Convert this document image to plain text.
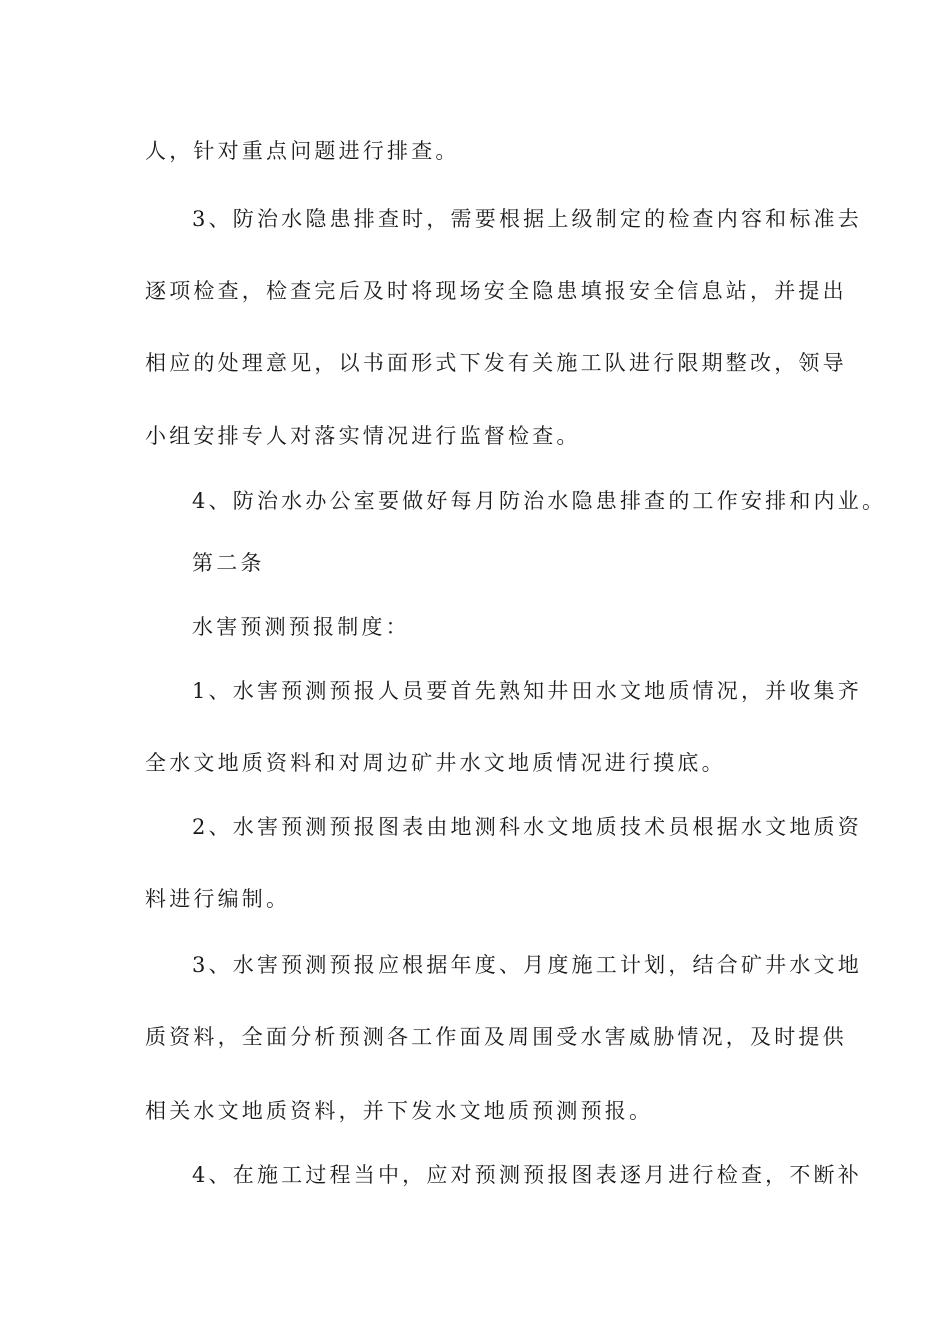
人，针对重点问题进行排查。
3、防治水隐患排查时，需要根据上级制定的检查内容和标准去
逐项检查，检查完后及时将现场安全隐患填报安全信息站，并提出
相应的处理意见，以书面形式下发有关施工队进行限期整改，领导
小组安排专人对落实情况进行监督检查。
4、防治水办公室要做好每月防治水隐患排查的工作安排和内业。
第二条
水害预测预报制度：
1、水害预测预报人员要首先熟知井田水文地质情况，并收集齐
全水文地质资料和对周边矿井水文地质情况进行摸底。
2、水害预测预报图表由地测科水文地质技术员根据水文地质资
料进行编制。
3、水害预测预报应根据年度、月度施工计划，结合矿井水文地
质资料，全面分析预测各工作面及周围受水害威胁情况，及时提供
相关水文地质资料，并下发水文地质预测预报。
4、在施工过程当中，应对预测预报图表逐月进行检查，不断补
